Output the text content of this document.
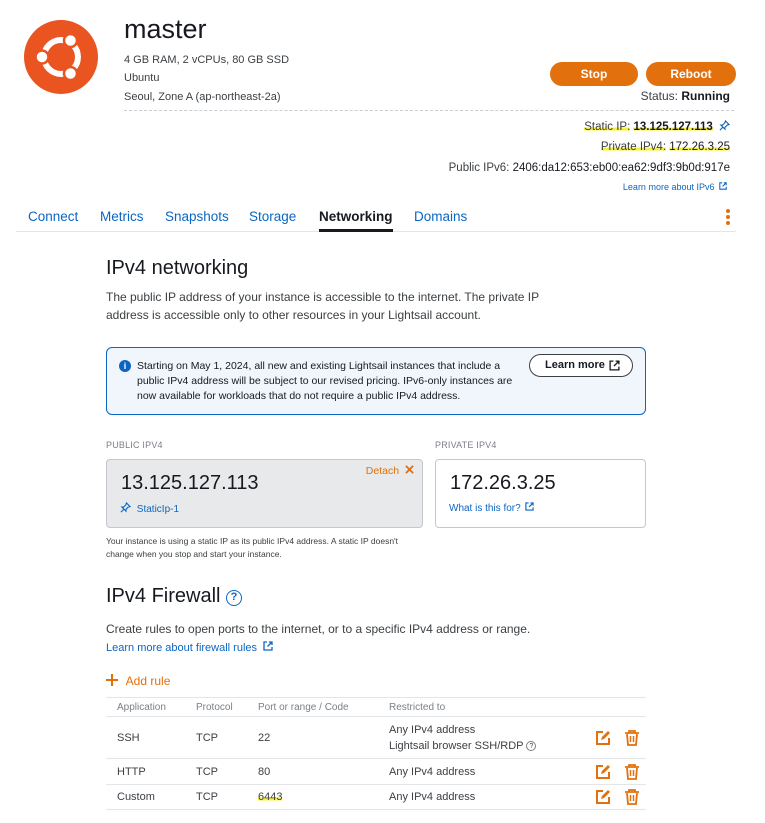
master
4 GB RAM, 2 vCPUs, 80 GB SSD
Ubuntu
Seoul, Zone A (ap-northeast-2a)
Stop	Reboot
Status: Running
Static IP: 13.125.127.113
Private IPv4: 172.26.3.25
Public IPv6: 2406:da12:653:eb00:ea62:9df3:9b0d:917e
Learn more about IPv6
Connect Metrics Snapshots Storage Networking Domains
IPv4 networking

The public IP address of your instance is accessible to the internet. The private IP address is accessible only to other resources in your Lightsail account.

i	Starting on May 1, 2024, all new and existing Lightsail instances that include a public IPv4 address will be subject to our revised pricing. IPv6-only instances are now available for workloads that do not require a public IPv4 address.
Learn more
PUBLIC IPV4	PRIVATE IPV4
13.125.127.113
StaticIp-1
Detach
172.26.3.25
What is this for?

Your instance is using a static IP as its public IPv4 address. A static IP doesn't change when you stop and start your instance.

IPv4 Firewall ?

Create rules to open ports to the internet, or to a specific IPv4 address or range.

Learn more about firewall rules
Add rule
Application	Protocol	Port or range / Code	Restricted to	
SSH	TCP	22	Any IPv4 address
Lightsail browser SSH/RDP ?

HTTP	TCP	80	Any IPv4 address	
Custom	TCP	6443	Any IPv4 address	
